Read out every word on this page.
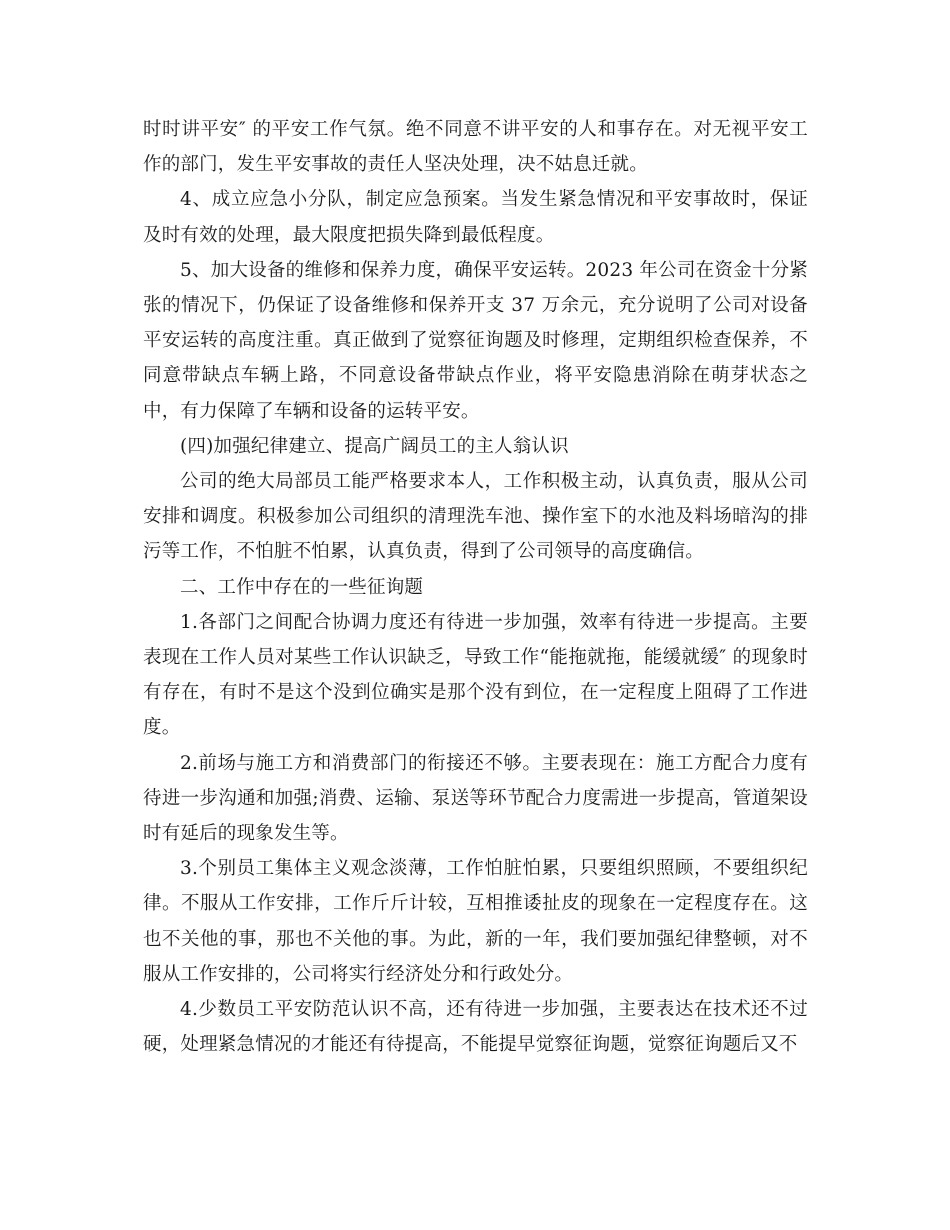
时时讲平安″ 的平安工作气氛。绝不同意不讲平安的人和事存在。对无视平安工作的部门，发生平安事故的责任人坚决处理，决不姑息迁就。

4、成立应急小分队，制定应急预案。当发生紧急情况和平安事故时，保证及时有效的处理，最大限度把损失降到最低程度。

5、加大设备的维修和保养力度，确保平安运转。2023 年公司在资金十分紧张的情况下，仍保证了设备维修和保养开支 37 万余元，充分说明了公司对设备平安运转的高度注重。真正做到了觉察征询题及时修理，定期组织检查保养，不同意带缺点车辆上路，不同意设备带缺点作业，将平安隐患消除在萌芽状态之中，有力保障了车辆和设备的运转平安。

(四)加强纪律建立、提高广阔员工的主人翁认识

公司的绝大局部员工能严格要求本人，工作积极主动，认真负责，服从公司安排和调度。积极参加公司组织的清理洗车池、操作室下的水池及料场暗沟的排污等工作，不怕脏不怕累，认真负责，得到了公司领导的高度确信。

二、工作中存在的一些征询题

1.各部门之间配合协调力度还有待进一步加强，效率有待进一步提高。主要表现在工作人员对某些工作认识缺乏，导致工作“能拖就拖，能缓就缓″ 的现象时有存在，有时不是这个没到位确实是那个没有到位，在一定程度上阻碍了工作进度。

2.前场与施工方和消费部门的衔接还不够。主要表现在：施工方配合力度有待进一步沟通和加强;消费、运输、泵送等环节配合力度需进一步提高，管道架设时有延后的现象发生等。

3.个别员工集体主义观念淡薄，工作怕脏怕累，只要组织照顾，不要组织纪律。不服从工作安排，工作斤斤计较，互相推诿扯皮的现象在一定程度存在。这也不关他的事，那也不关他的事。为此，新的一年，我们要加强纪律整顿，对不服从工作安排的，公司将实行经济处分和行政处分。

4.少数员工平安防范认识不高，还有待进一步加强，主要表达在技术还不过硬，处理紧急情况的才能还有待提高，不能提早觉察征询题，觉察征询题后又不
